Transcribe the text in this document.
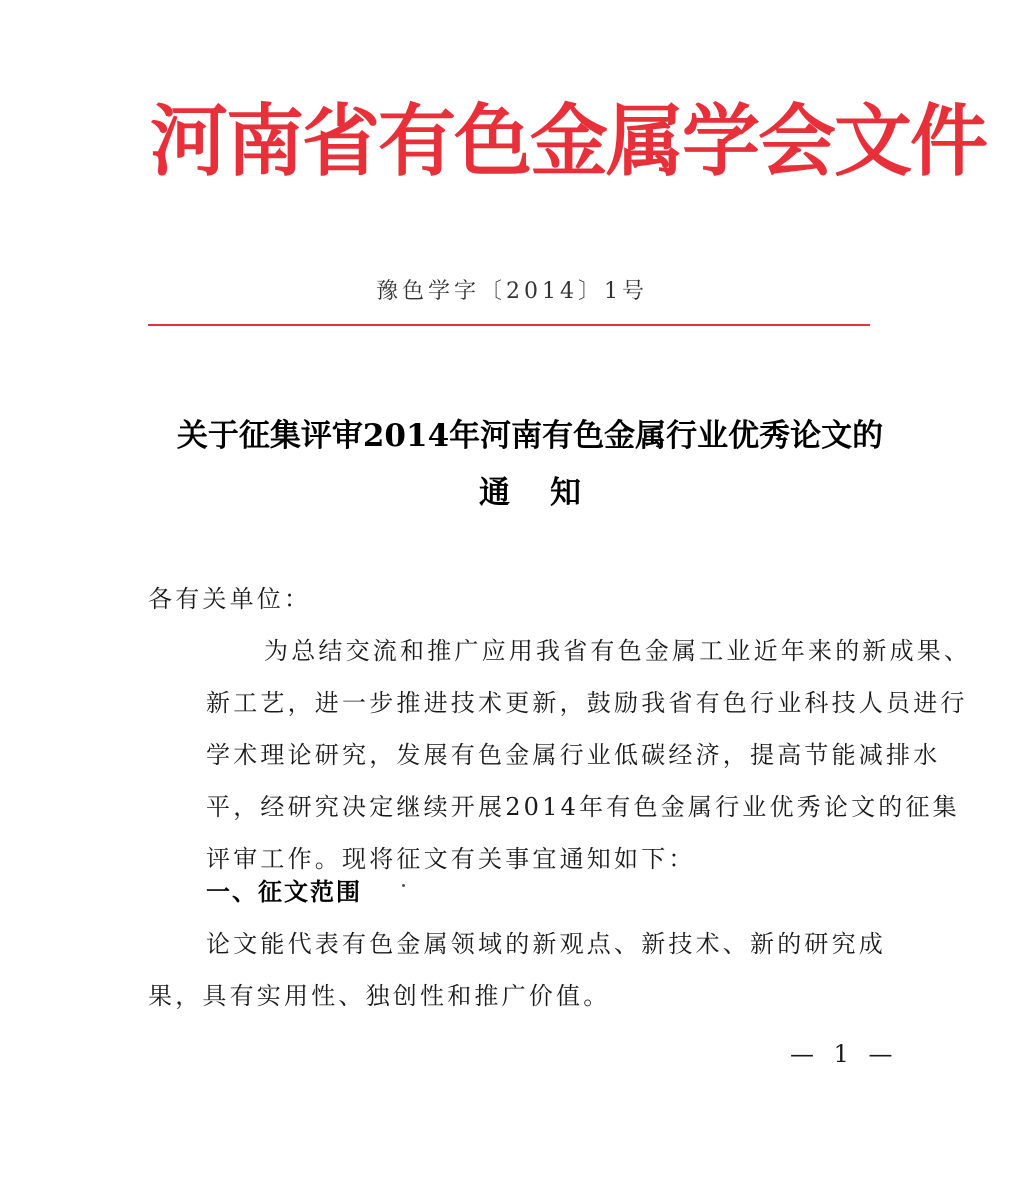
河南省有色金属学会文件
豫色学字〔2014〕1号
关于征集评审2014年河南有色金属行业优秀论文的
通知
各有关单位：
为总结交流和推广应用我省有色金属工业近年来的新成果、
新工艺，进一步推进技术更新，鼓励我省有色行业科技人员进行
学术理论研究，发展有色金属行业低碳经济，提高节能减排水
平，经研究决定继续开展2014年有色金属行业优秀论文的征集
评审工作。现将征文有关事宜通知如下：
一、征文范围
论文能代表有色金属领域的新观点、新技术、新的研究成
果，具有实用性、独创性和推广价值。
— 1 —
